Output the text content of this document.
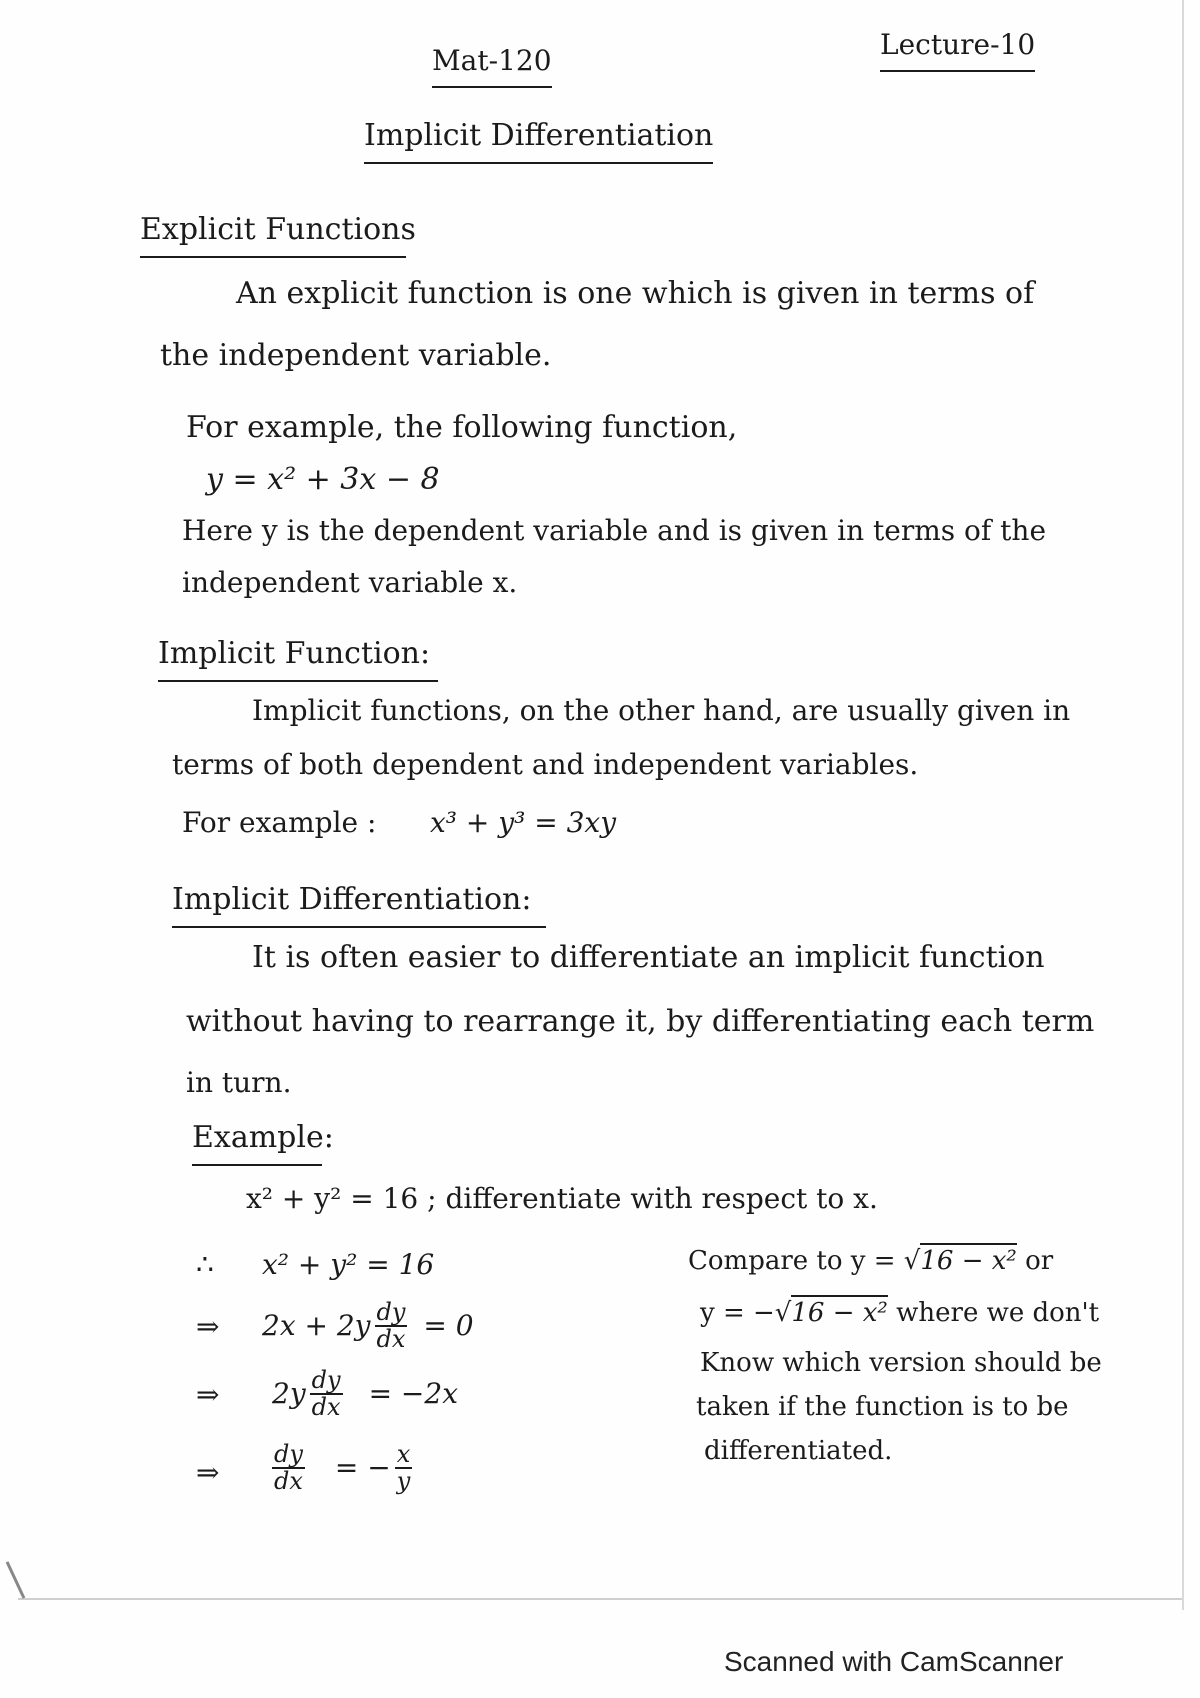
Mat-120	Lecture-10
Implicit Differentiation
Explicit Functions
An explicit function is one which is given in terms of
the independent variable.
For example, the following function,
y = x² + 3x − 8
Here y is the dependent variable and is given in terms of the
independent variable x.
Implicit Function:
Implicit functions, on the other hand, are usually given in
terms of both dependent and independent variables.
For example : x³ + y³ = 3xy
Implicit Differentiation:
It is often easier to differentiate an implicit function
without having to rearrange it, by differentiating each term
in turn.
Example:
x² + y² = 16 ; differentiate with respect to x.
∴ x² + y² = 16
⇒ $2x + 2y \frac{dy}{dx} = 0$
⇒ $2y \frac{dy}{dx} = -2x$
⇒ $\frac{dy}{dx}$ = − $\frac{x}{y}$
Compare to y = √16 − x² or
y = −√16 − x² where we don't
Know which version should be
taken if the function is to be
differentiated.
Scanned with CamScanner
